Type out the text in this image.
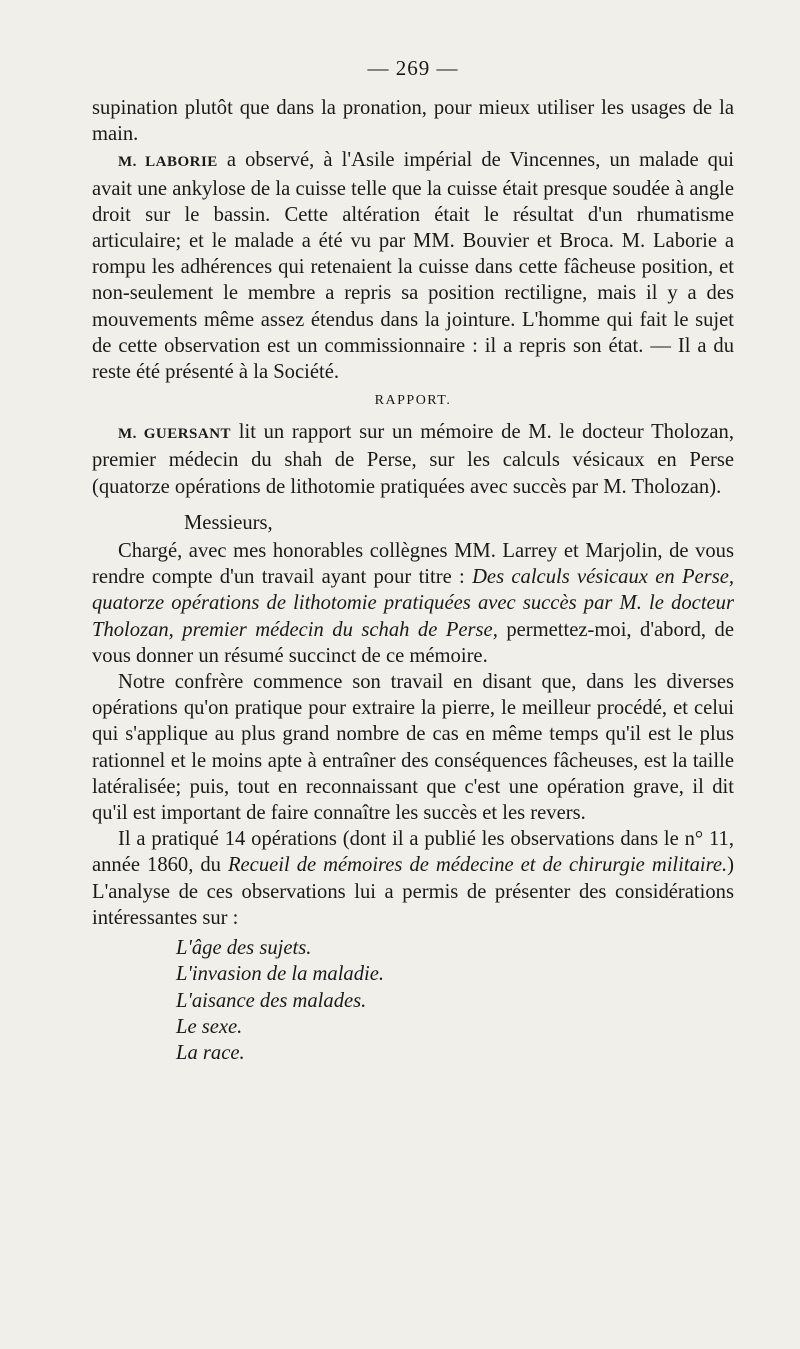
— 269 —

supination plutôt que dans la pronation, pour mieux utiliser les usages de la main.

M. LABORIE a observé, à l'Asile impérial de Vincennes, un malade qui avait une ankylose de la cuisse telle que la cuisse était presque soudée à angle droit sur le bassin. Cette altération était le résultat d'un rhumatisme articulaire; et le malade a été vu par MM. Bouvier et Broca. M. Laborie a rompu les adhérences qui retenaient la cuisse dans cette fâcheuse position, et non-seulement le membre a repris sa position rectiligne, mais il y a des mouvements même assez étendus dans la jointure. L'homme qui fait le sujet de cette observation est un commissionnaire : il a repris son état. — Il a du reste été présenté à la Société.

RAPPORT.

M. GUERSANT lit un rapport sur un mémoire de M. le docteur Tholozan, premier médecin du shah de Perse, sur les calculs vésicaux en Perse (quatorze opérations de lithotomie pratiquées avec succès par M. Tholozan).

Messieurs,

Chargé, avec mes honorables collègnes MM. Larrey et Marjolin, de vous rendre compte d'un travail ayant pour titre : Des calculs vésicaux en Perse, quatorze opérations de lithotomie pratiquées avec succès par M. le docteur Tholozan, premier médecin du schah de Perse, permettez-moi, d'abord, de vous donner un résumé succinct de ce mémoire.

Notre confrère commence son travail en disant que, dans les diverses opérations qu'on pratique pour extraire la pierre, le meilleur procédé, et celui qui s'applique au plus grand nombre de cas en même temps qu'il est le plus rationnel et le moins apte à entraîner des conséquences fâcheuses, est la taille latéralisée; puis, tout en reconnaissant que c'est une opération grave, il dit qu'il est important de faire connaître les succès et les revers.

Il a pratiqué 14 opérations (dont il a publié les observations dans le n° 11, année 1860, du Recueil de mémoires de médecine et de chirurgie militaire.) L'analyse de ces observations lui a permis de présenter des considérations intéressantes sur :

L'âge des sujets.

L'invasion de la maladie.

L'aisance des malades.

Le sexe.

La race.
